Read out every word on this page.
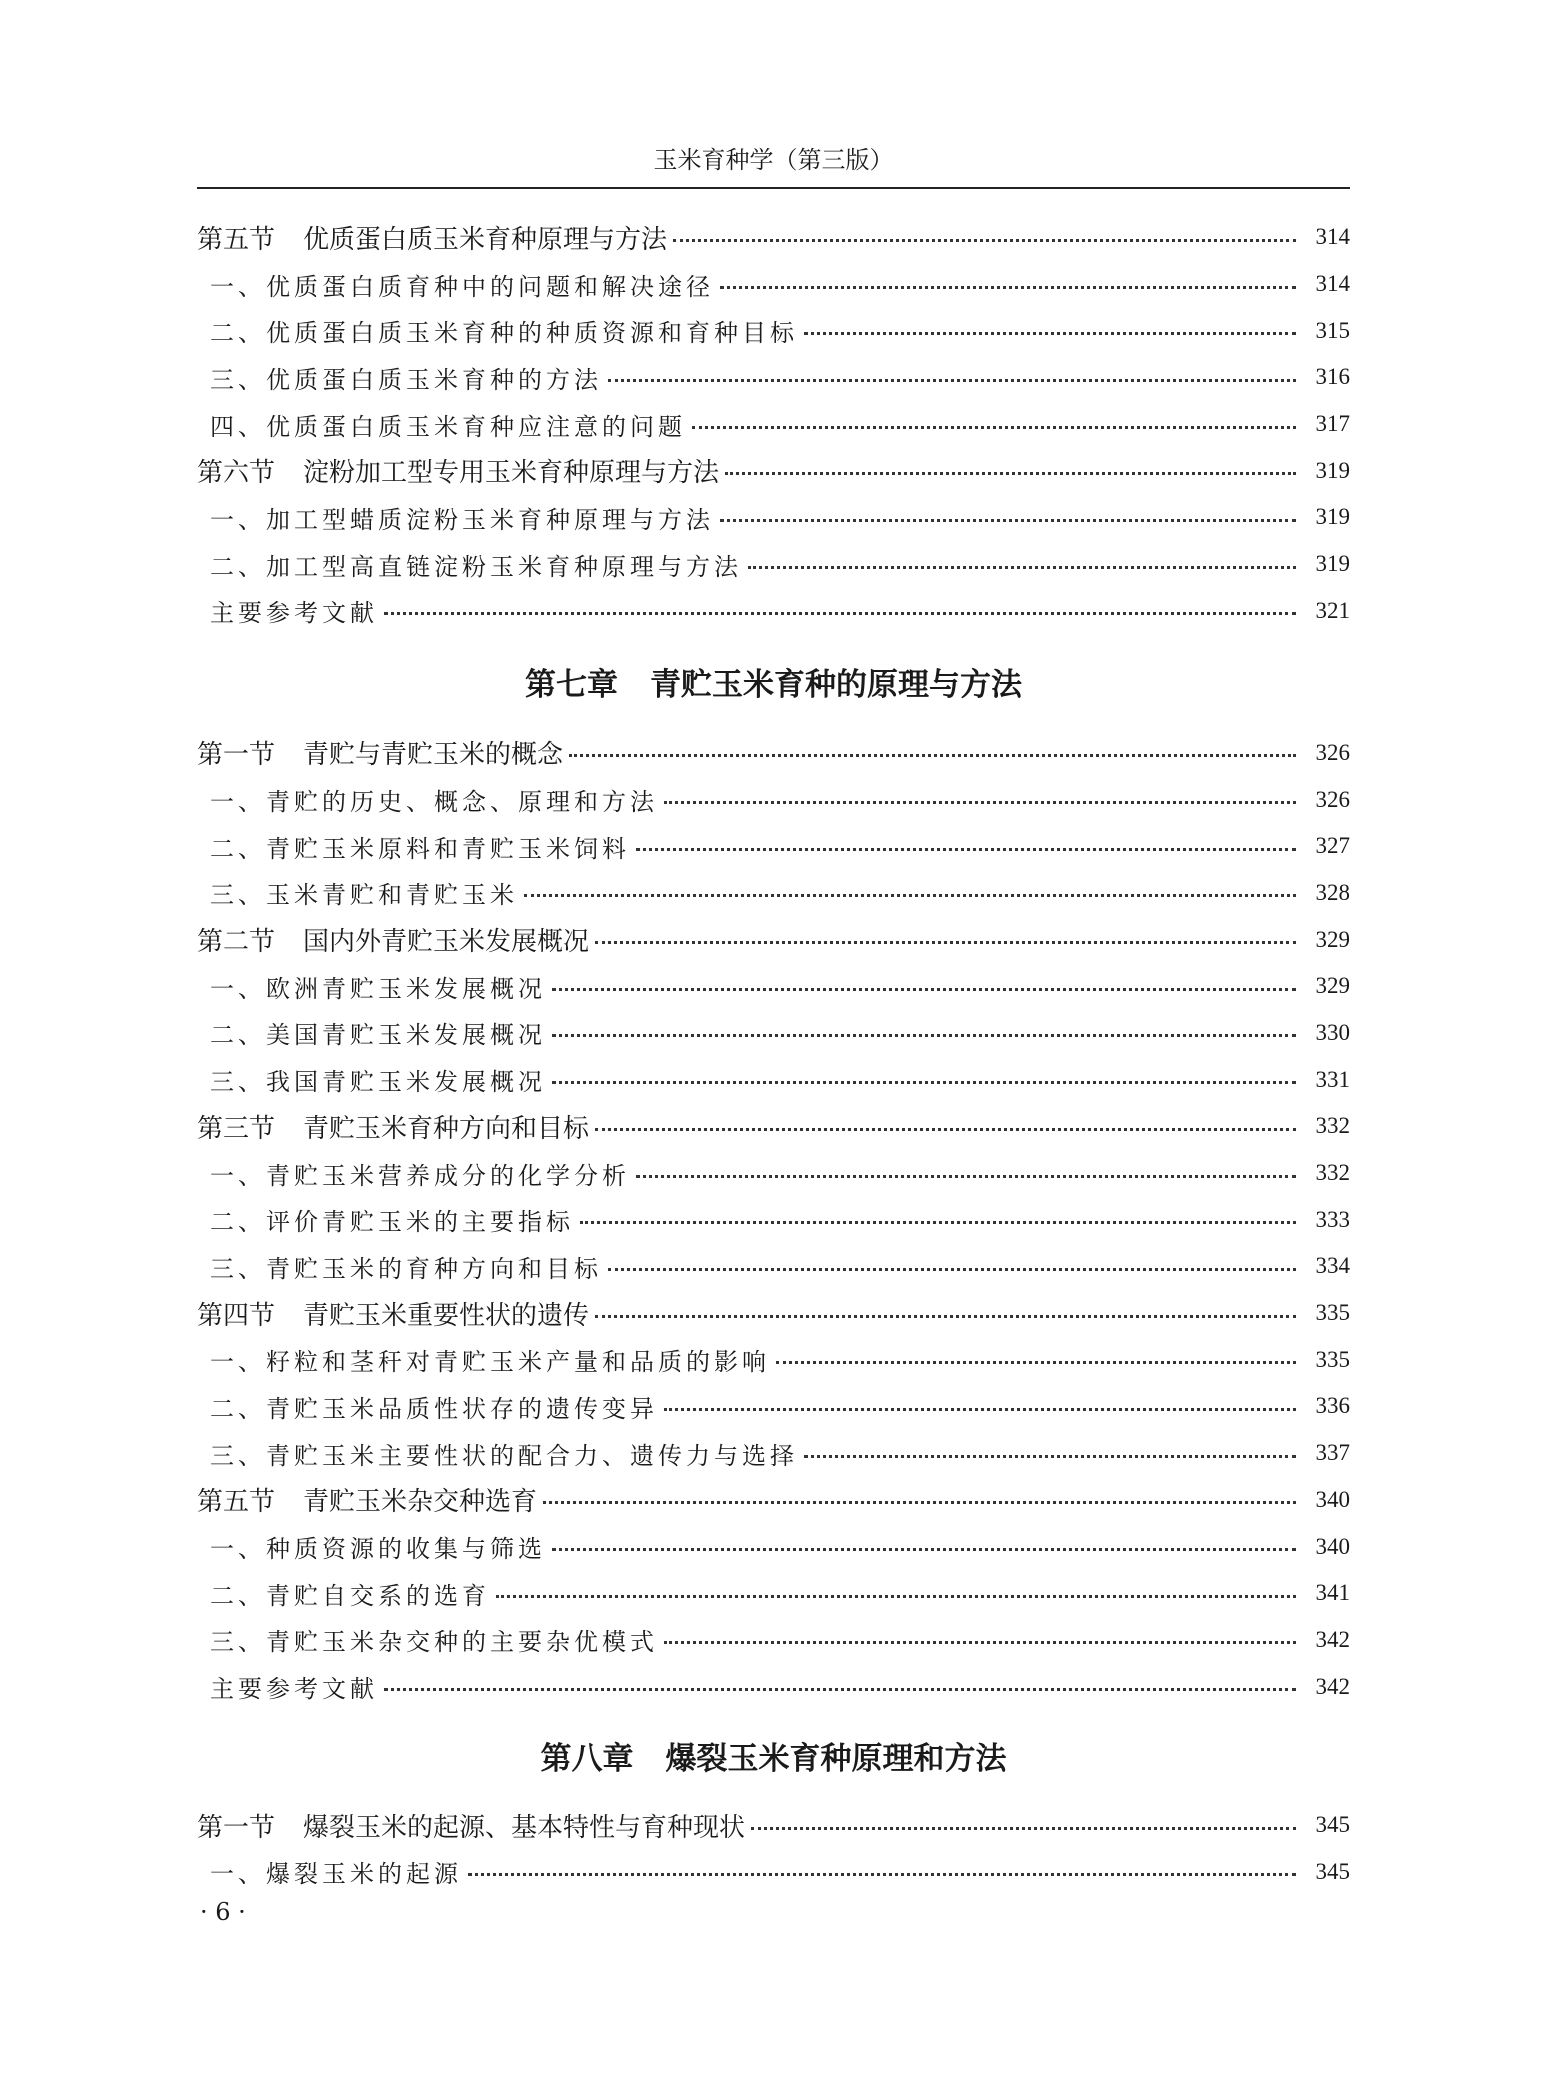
玉米育种学（第三版）
第五节 优质蛋白质玉米育种原理与方法	314
一、优质蛋白质育种中的问题和解决途径	314
二、优质蛋白质玉米育种的种质资源和育种目标	315
三、优质蛋白质玉米育种的方法	316
四、优质蛋白质玉米育种应注意的问题	317
第六节 淀粉加工型专用玉米育种原理与方法	319
一、加工型蜡质淀粉玉米育种原理与方法	319
二、加工型高直链淀粉玉米育种原理与方法	319
主要参考文献	321
第七章 青贮玉米育种的原理与方法
第一节 青贮与青贮玉米的概念	326
一、青贮的历史、概念、原理和方法	326
二、青贮玉米原料和青贮玉米饲料	327
三、玉米青贮和青贮玉米	328
第二节 国内外青贮玉米发展概况	329
一、欧洲青贮玉米发展概况	329
二、美国青贮玉米发展概况	330
三、我国青贮玉米发展概况	331
第三节 青贮玉米育种方向和目标	332
一、青贮玉米营养成分的化学分析	332
二、评价青贮玉米的主要指标	333
三、青贮玉米的育种方向和目标	334
第四节 青贮玉米重要性状的遗传	335
一、籽粒和茎秆对青贮玉米产量和品质的影响	335
二、青贮玉米品质性状存的遗传变异	336
三、青贮玉米主要性状的配合力、遗传力与选择	337
第五节 青贮玉米杂交种选育	340
一、种质资源的收集与筛选	340
二、青贮自交系的选育	341
三、青贮玉米杂交种的主要杂优模式	342
主要参考文献	342
第八章 爆裂玉米育种原理和方法
第一节 爆裂玉米的起源、基本特性与育种现状	345
一、爆裂玉米的起源	345
· 6 ·
